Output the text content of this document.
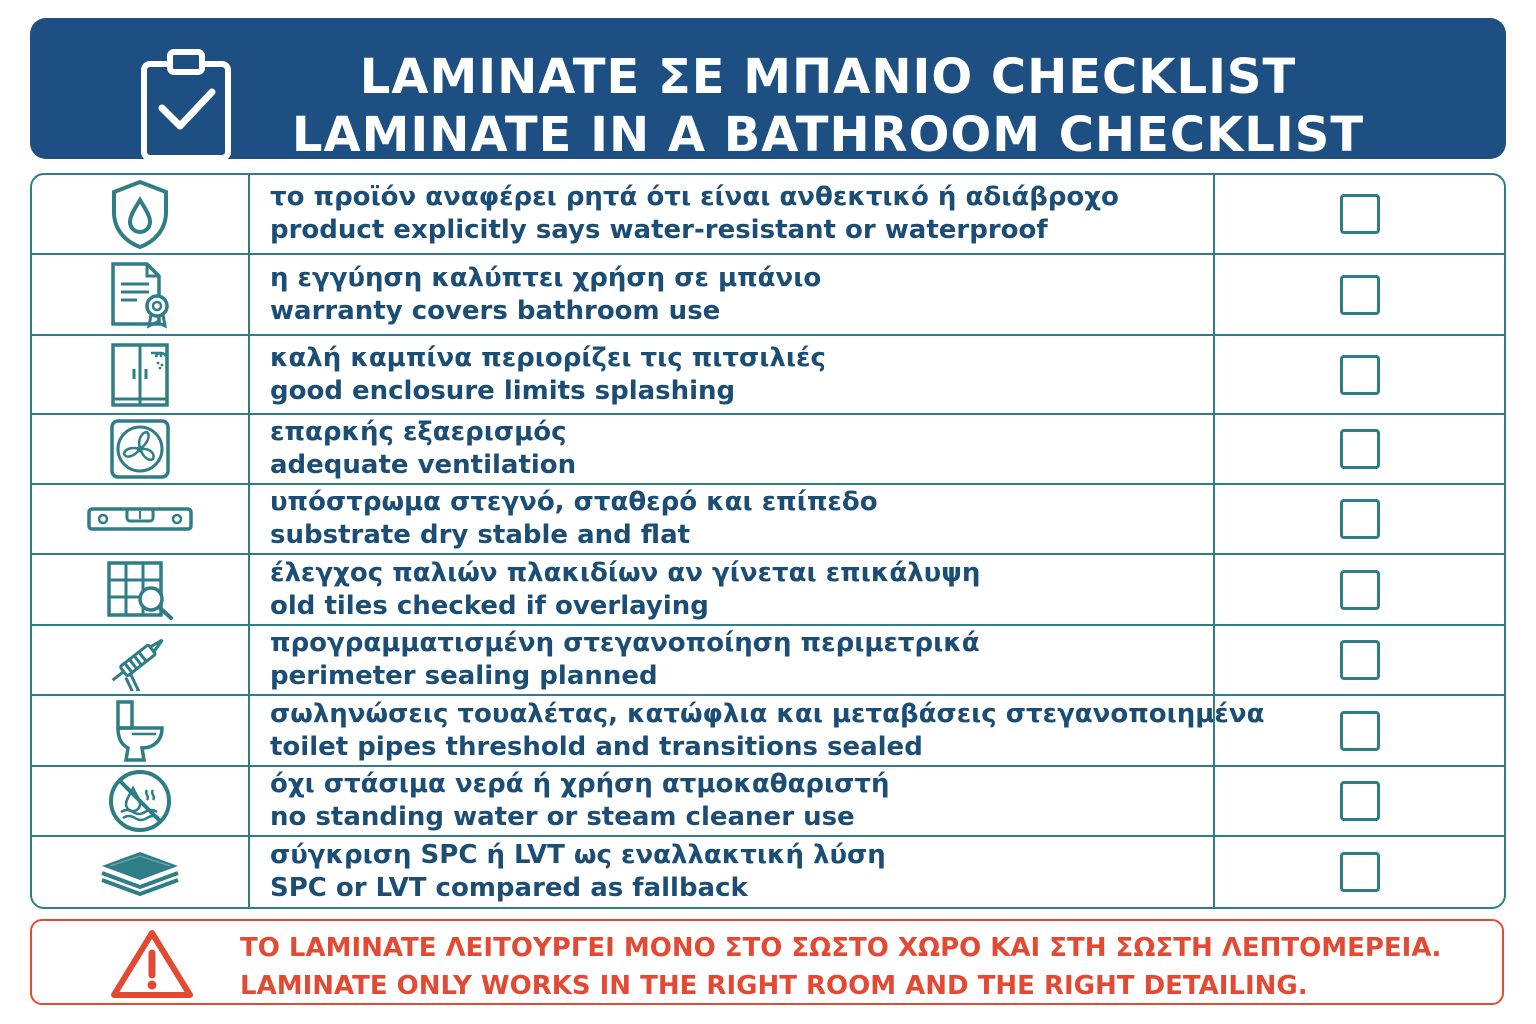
LAMINATE ΣΕ ΜΠΑΝΙΟ CHECKLIST
LAMINATE IN A BATHROOM CHECKLIST
το προϊόν αναφέρει ρητά ότι είναι ανθεκτικό ή αδιάβροχο
product explicitly says water-resistant or waterproof
η εγγύηση καλύπτει χρήση σε μπάνιο
warranty covers bathroom use
καλή καμπίνα περιορίζει τις πιτσιλιές
good enclosure limits splashing
επαρκής εξαερισμός
adequate ventilation
υπόστρωμα στεγνό, σταθερό και επίπεδο
substrate dry stable and flat
έλεγχος παλιών πλακιδίων αν γίνεται επικάλυψη
old tiles checked if overlaying
προγραμματισμένη στεγανοποίηση περιμετρικά
perimeter sealing planned
σωληνώσεις τουαλέτας, κατώφλια και μεταβάσεις στεγανοποιημένα
toilet pipes threshold and transitions sealed
όχι στάσιμα νερά ή χρήση ατμοκαθαριστή
no standing water or steam cleaner use
σύγκριση SPC ή LVT ως εναλλακτική λύση
SPC or LVT compared as fallback
ΤΟ LAMINATE ΛΕΙΤΟΥΡΓΕΙ ΜΟΝΟ ΣΤΟ ΣΩΣΤΟ ΧΩΡΟ ΚΑΙ ΣΤΗ ΣΩΣΤΗ ΛΕΠΤΟΜΕΡΕΙΑ.
LAMINATE ONLY WORKS IN THE RIGHT ROOM AND THE RIGHT DETAILING.
